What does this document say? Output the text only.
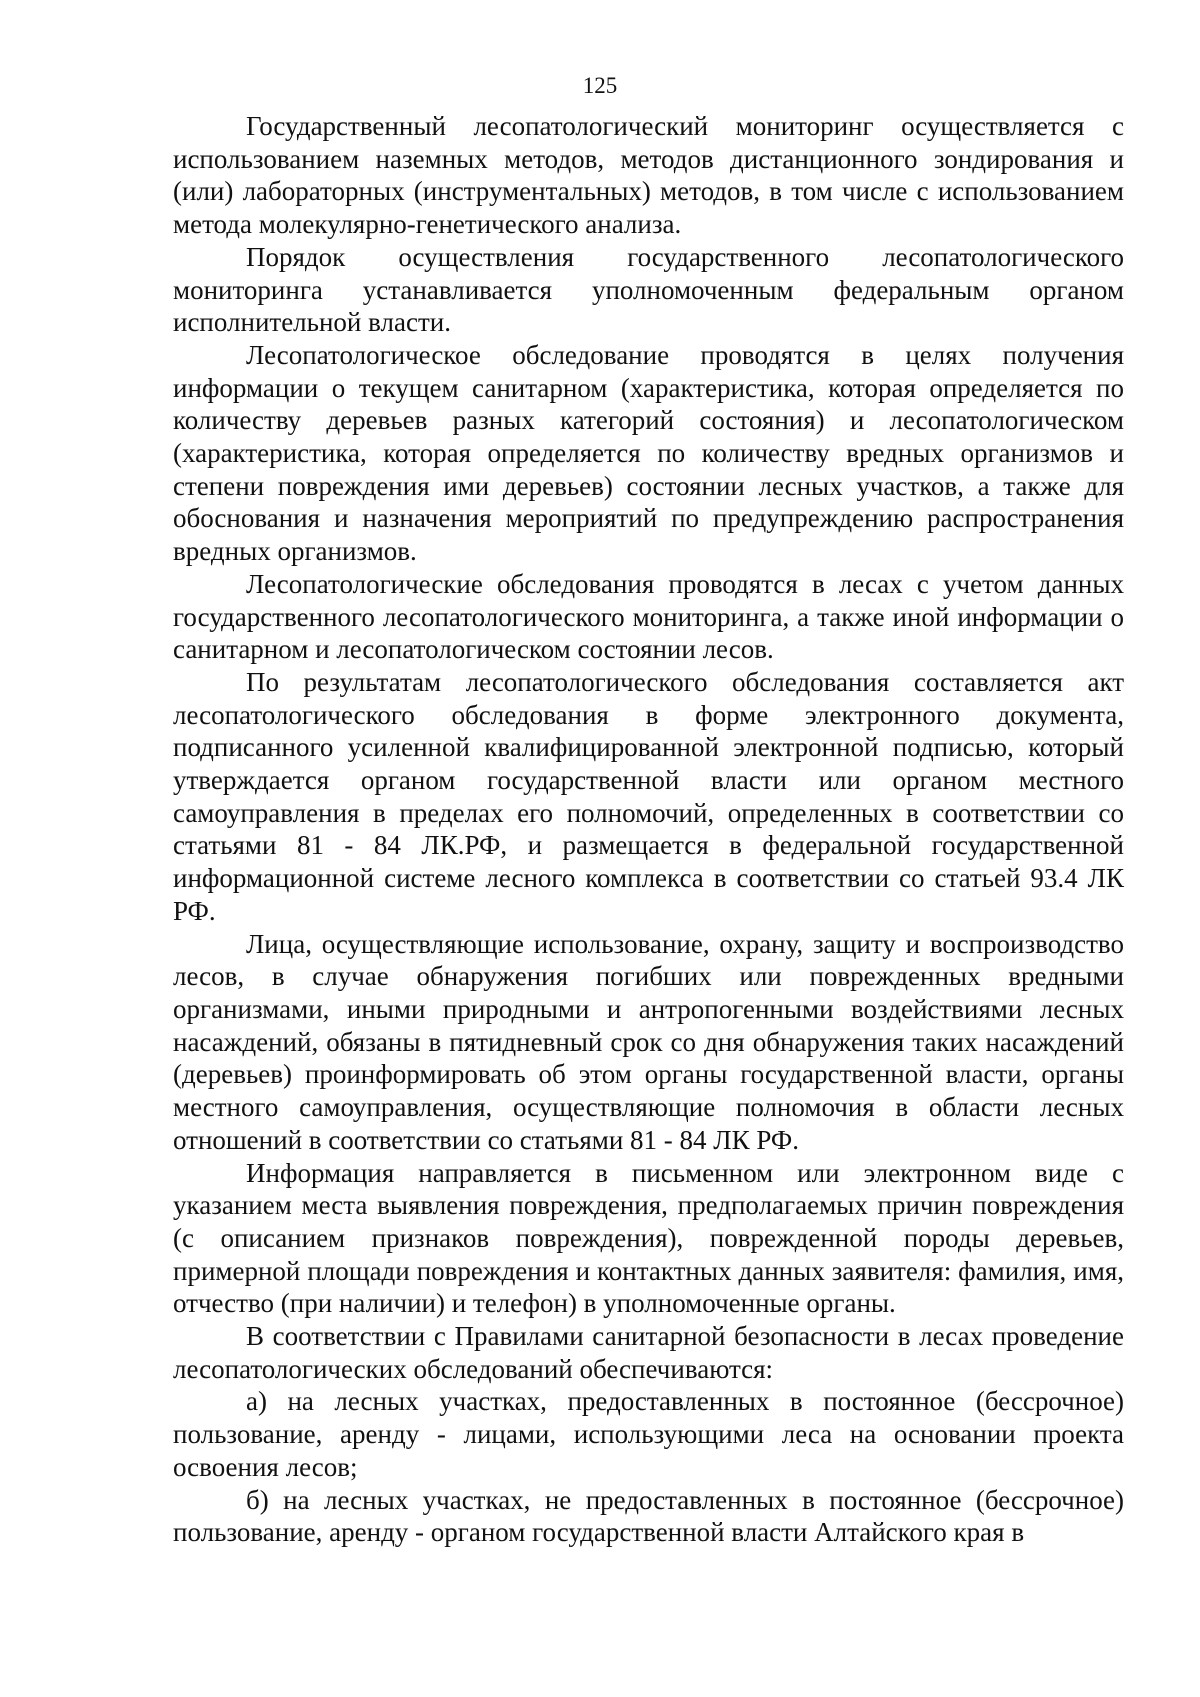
125

Государственный лесопатологический мониторинг осуществляется с использованием наземных методов, методов дистанционного зондирования и (или) лабораторных (инструментальных) методов, в том числе с использованием метода молекулярно-генетического анализа.

Порядок осуществления государственного лесопатологического мониторинга устанавливается уполномоченным федеральным органом исполнительной власти.

Лесопатологическое обследование проводятся в целях получения информации о текущем санитарном (характеристика, которая определяется по количеству деревьев разных категорий состояния) и лесопатологическом (характеристика, которая определяется по количеству вредных организмов и степени повреждения ими деревьев) состоянии лесных участков, а также для обоснования и назначения мероприятий по предупреждению распространения вредных организмов.

Лесопатологические обследования проводятся в лесах с учетом данных государственного лесопатологического мониторинга, а также иной информации о санитарном и лесопатологическом состоянии лесов.

По результатам лесопатологического обследования составляется акт лесопатологического обследования в форме электронного документа, подписанного усиленной квалифицированной электронной подписью, который утверждается органом государственной власти или органом местного самоуправления в пределах его полномочий, определенных в соответствии со статьями 81 - 84 ЛК.РФ, и размещается в федеральной государственной информационной системе лесного комплекса в соответствии со статьей 93.4 ЛК РФ.

Лица, осуществляющие использование, охрану, защиту и воспроизводство лесов, в случае обнаружения погибших или поврежденных вредными организмами, иными природными и антропогенными воздействиями лесных насаждений, обязаны в пятидневный срок со дня обнаружения таких насаждений (деревьев) проинформировать об этом органы государственной власти, органы местного самоуправления, осуществляющие полномочия в области лесных отношений в соответствии со статьями 81 - 84 ЛК РФ.

Информация направляется в письменном или электронном виде с указанием места выявления повреждения, предполагаемых причин повреждения (с описанием признаков повреждения), поврежденной породы деревьев, примерной площади повреждения и контактных данных заявителя: фамилия, имя, отчество (при наличии) и телефон) в уполномоченные органы.

В соответствии с Правилами санитарной безопасности в лесах проведение лесопатологических обследований обеспечиваются:

а) на лесных участках, предоставленных в постоянное (бессрочное) пользование, аренду - лицами, использующими леса на основании проекта освоения лесов;

б) на лесных участках, не предоставленных в постоянное (бессрочное) пользование, аренду - органом государственной власти Алтайского края в
